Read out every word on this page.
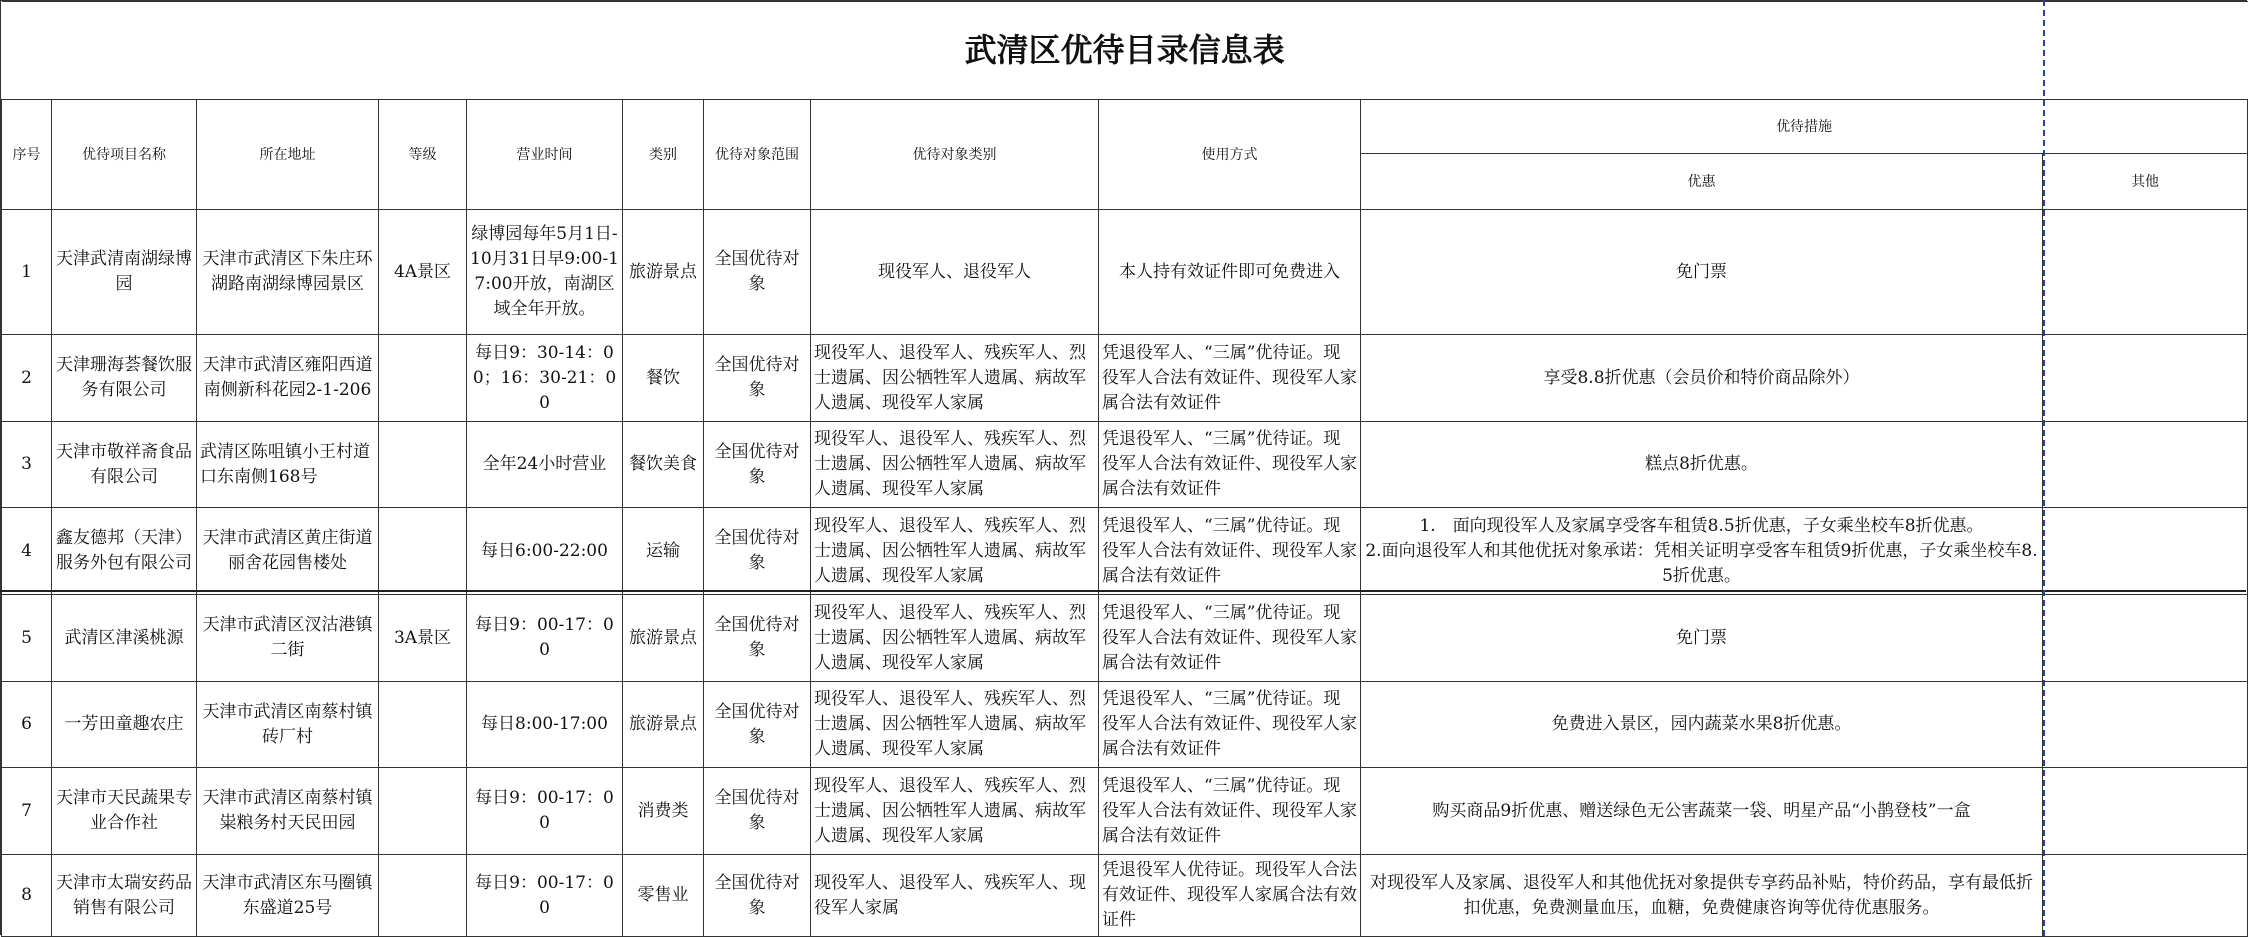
武清区优待目录信息表										
序号	优待项目名称	所在地址	等级	营业时间	类别	优待对象范围	优待对象类别	使用方式	优待措施	
									优惠	其他
1	天津武清南湖绿博园	天津市武清区下朱庄环湖路南湖绿博园景区	4A景区	绿博园每年5月1日-10月31日早9:00-17:00开放，南湖区域全年开放。	旅游景点	全国优待对象	现役军人、退役军人	本人持有效证件即可免费进入	免门票	
2	天津珊海荟餐饮服务有限公司	天津市武清区雍阳西道南侧新科花园2-1-206		每日9：30-14：00；16：30-21：00	餐饮	全国优待对象	现役军人、退役军人、残疾军人、烈士遗属、因公牺牲军人遗属、病故军人遗属、现役军人家属	凭退役军人、“三属”优待证。现役军人合法有效证件、现役军人家属合法有效证件	享受8.8折优惠（会员价和特价商品除外）	
3	天津市敬祥斋食品有限公司	武清区陈咀镇小王村道口东南侧168号		全年24小时营业	餐饮美食	全国优待对象	现役军人、退役军人、残疾军人、烈士遗属、因公牺牲军人遗属、病故军人遗属、现役军人家属	凭退役军人、“三属”优待证。现役军人合法有效证件、现役军人家属合法有效证件	糕点8折优惠。	
4	鑫友德邦（天津）服务外包有限公司	天津市武清区黄庄街道丽舍花园售楼处		每日6:00-22:00	运输	全国优待对象	现役军人、退役军人、残疾军人、烈士遗属、因公牺牲军人遗属、病故军人遗属、现役军人家属	凭退役军人、“三属”优待证。现役军人合法有效证件、现役军人家属合法有效证件	1.　面向现役军人及家属享受客车租赁8.5折优惠，子女乘坐校车8折优惠。
2.面向退役军人和其他优抚对象承诺：凭相关证明享受客车租赁9折优惠，子女乘坐校车8.5折优惠。	

5	武清区津溪桃源	天津市武清区汊沽港镇二街	3A景区	每日9：00-17：00	旅游景点	全国优待对象	现役军人、退役军人、残疾军人、烈士遗属、因公牺牲军人遗属、病故军人遗属、现役军人家属	凭退役军人、“三属”优待证。现役军人合法有效证件、现役军人家属合法有效证件	免门票	
6	一芳田童趣农庄	天津市武清区南蔡村镇砖厂村		每日8:00-17:00	旅游景点	全国优待对象	现役军人、退役军人、残疾军人、烈士遗属、因公牺牲军人遗属、病故军人遗属、现役军人家属	凭退役军人、“三属”优待证。现役军人合法有效证件、现役军人家属合法有效证件	免费进入景区，园内蔬菜水果8折优惠。	
7	天津市天民蔬果专业合作社	天津市武清区南蔡村镇粜粮务村天民田园		每日9：00-17：00	消费类	全国优待对象	现役军人、退役军人、残疾军人、烈士遗属、因公牺牲军人遗属、病故军人遗属、现役军人家属	凭退役军人、“三属”优待证。现役军人合法有效证件、现役军人家属合法有效证件	购买商品9折优惠、赠送绿色无公害蔬菜一袋、明星产品“小鹊登枝”一盒	
8	天津市太瑞安药品销售有限公司	天津市武清区东马圈镇东盛道25号		每日9：00-17：00	零售业	全国优待对象	现役军人、退役军人、残疾军人、现役军人家属	凭退役军人优待证。现役军人合法有效证件、现役军人家属合法有效证件	对现役军人及家属、退役军人和其他优抚对象提供专享药品补贴，特价药品，享有最低折扣优惠，免费测量血压，血糖，免费健康咨询等优待优惠服务。	
